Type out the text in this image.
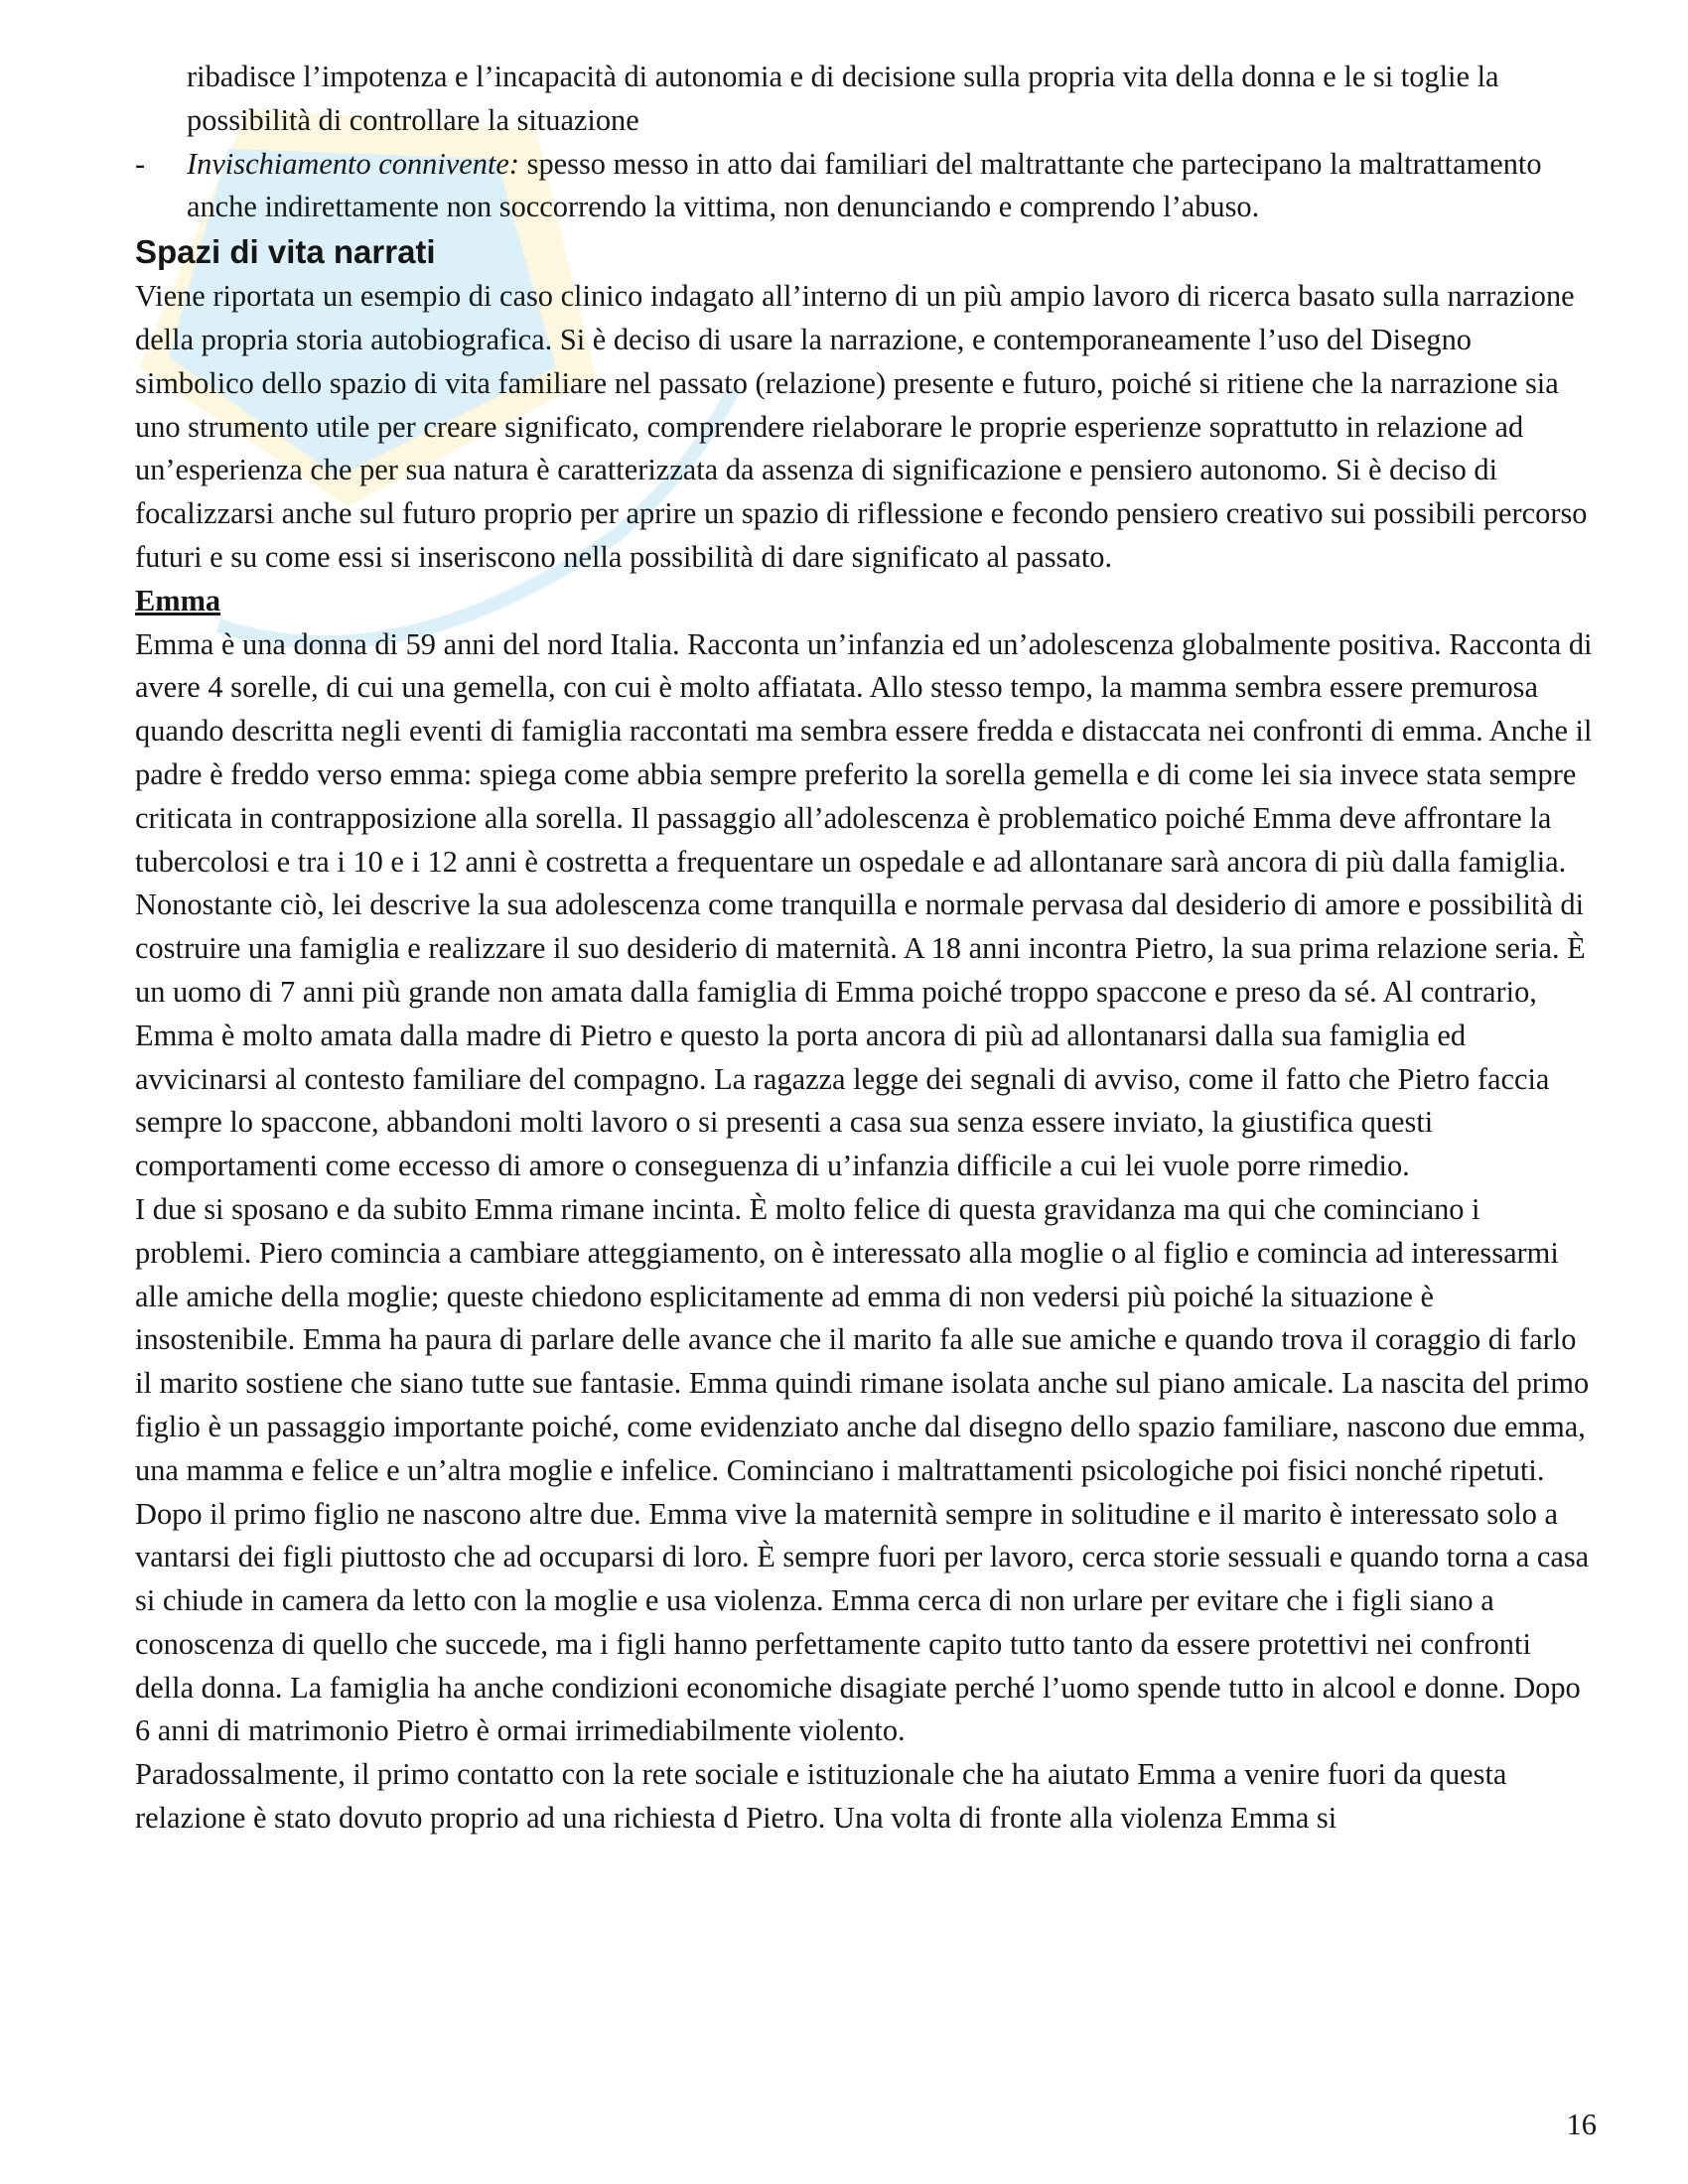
ribadisce l’impotenza e l’incapacità di autonomia e di decisione sulla propria vita della donna e le si toglie la possibilità di controllare la situazione

- Invischiamento connivente: spesso messo in atto dai familiari del maltrattante che partecipano la maltrattamento anche indirettamente non soccorrendo la vittima, non denunciando e comprendo l’abuso.

Spazi di vita narrati

Viene riportata un esempio di caso clinico indagato all’interno di un più ampio lavoro di ricerca basato sulla narrazione della propria storia autobiografica. Si è deciso di usare la narrazione, e contemporaneamente l’uso del Disegno simbolico dello spazio di vita familiare nel passato (relazione) presente e futuro, poiché si ritiene che la narrazione sia uno strumento utile per creare significato, comprendere rielaborare le proprie esperienze soprattutto in relazione ad un’esperienza che per sua natura è caratterizzata da assenza di significazione e pensiero autonomo. Si è deciso di focalizzarsi anche sul futuro proprio per aprire un spazio di riflessione e fecondo pensiero creativo sui possibili percorso futuri e su come essi si inseriscono nella possibilità di dare significato al passato.

Emma

Emma è una donna di 59 anni del nord Italia. Racconta un’infanzia ed un’adolescenza globalmente positiva. Racconta di avere 4 sorelle, di cui una gemella, con cui è molto affiatata. Allo stesso tempo, la mamma sembra essere premurosa quando descritta negli eventi di famiglia raccontati ma sembra essere fredda e distaccata nei confronti di emma. Anche il padre è freddo verso emma: spiega come abbia sempre preferito la sorella gemella e di come lei sia invece stata sempre criticata in contrapposizione alla sorella. Il passaggio all’adolescenza è problematico poiché Emma deve affrontare la tubercolosi e tra i 10 e i 12 anni è costretta a frequentare un ospedale e ad allontanare sarà ancora di più dalla famiglia. Nonostante ciò, lei descrive la sua adolescenza come tranquilla e normale pervasa dal desiderio di amore e possibilità di costruire una famiglia e realizzare il suo desiderio di maternità. A 18 anni incontra Pietro, la sua prima relazione seria. È un uomo di 7 anni più grande non amata dalla famiglia di Emma poiché troppo spaccone e preso da sé. Al contrario, Emma è molto amata dalla madre di Pietro e questo la porta ancora di più ad allontanarsi dalla sua famiglia ed avvicinarsi al contesto familiare del compagno. La ragazza legge dei segnali di avviso, come il fatto che Pietro faccia sempre lo spaccone, abbandoni molti lavoro o si presenti a casa sua senza essere inviato, la giustifica questi comportamenti come eccesso di amore o conseguenza di u’infanzia difficile a cui lei vuole porre rimedio.

I due si sposano e da subito Emma rimane incinta. È molto felice di questa gravidanza ma qui che cominciano i problemi. Piero comincia a cambiare atteggiamento, on è interessato alla moglie o al figlio e comincia ad interessarmi alle amiche della moglie; queste chiedono esplicitamente ad emma di non vedersi più poiché la situazione è insostenibile. Emma ha paura di parlare delle avance che il marito fa alle sue amiche e quando trova il coraggio di farlo il marito sostiene che siano tutte sue fantasie. Emma quindi rimane isolata anche sul piano amicale. La nascita del primo figlio è un passaggio importante poiché, come evidenziato anche dal disegno dello spazio familiare, nascono due emma, una mamma e felice e un’altra moglie e infelice. Cominciano i maltrattamenti psicologiche poi fisici nonché ripetuti.

Dopo il primo figlio ne nascono altre due. Emma vive la maternità sempre in solitudine e il marito è interessato solo a vantarsi dei figli piuttosto che ad occuparsi di loro. È sempre fuori per lavoro, cerca storie sessuali e quando torna a casa si chiude in camera da letto con la moglie e usa violenza. Emma cerca di non urlare per evitare che i figli siano a conoscenza di quello che succede, ma i figli hanno perfettamente capito tutto tanto da essere protettivi nei confronti della donna. La famiglia ha anche condizioni economiche disagiate perché l’uomo spende tutto in alcool e donne. Dopo 6 anni di matrimonio Pietro è ormai irrimediabilmente violento.

Paradossalmente, il primo contatto con la rete sociale e istituzionale che ha aiutato Emma a venire fuori da questa relazione è stato dovuto proprio ad una richiesta d Pietro. Una volta di fronte alla violenza Emma si

16
